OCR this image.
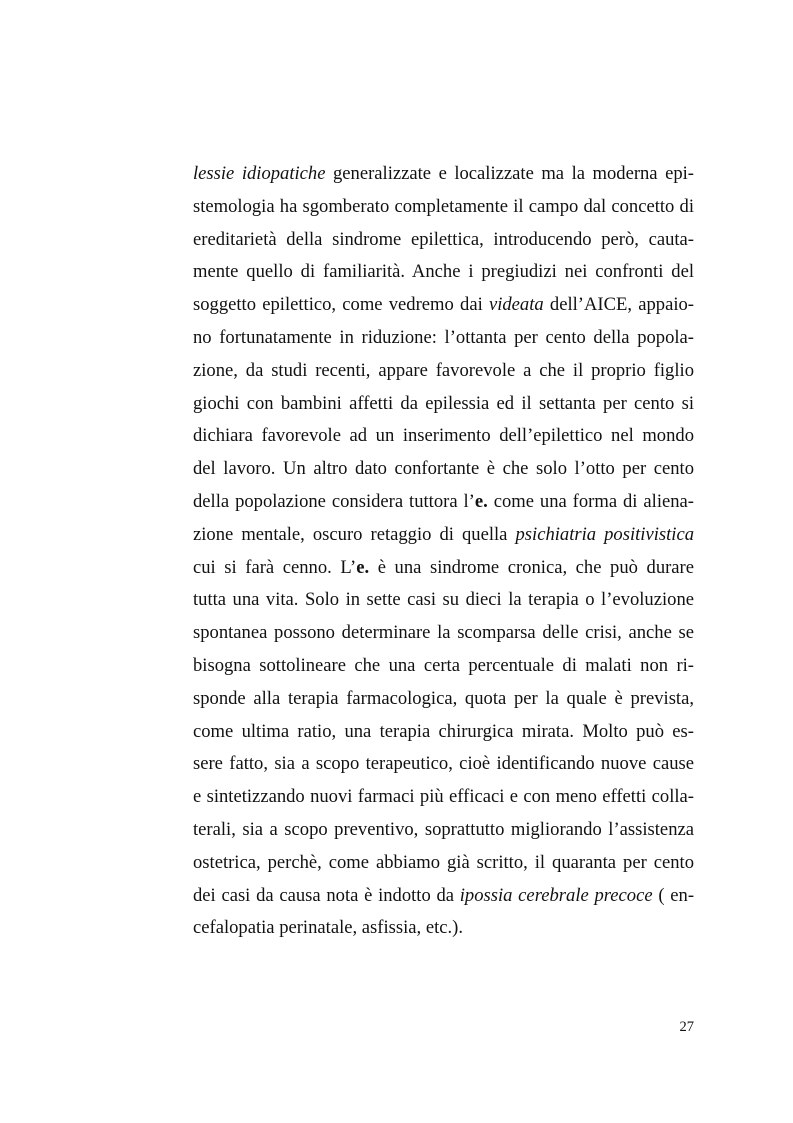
lessie idiopatiche generalizzate e localizzate ma la moderna epi-
stemologia ha sgomberato completamente il campo dal concetto di
ereditarietà della sindrome epilettica, introducendo però, cauta-
mente quello di familiarità. Anche i pregiudizi nei confronti del
soggetto epilettico, come vedremo dai videata dell’AICE, appaio-
no fortunatamente in riduzione: l’ottanta per cento della popola-
zione, da studi recenti, appare favorevole a che il proprio figlio
giochi con bambini affetti da epilessia ed il settanta per cento si
dichiara favorevole ad un inserimento dell’epilettico nel mondo
del lavoro. Un altro dato confortante è che solo l’otto per cento
della popolazione considera tuttora l’e. come una forma di aliena-
zione mentale, oscuro retaggio di quella psichiatria positivistica
cui si farà cenno. L’e. è una sindrome cronica, che può durare
tutta una vita. Solo in sette casi su dieci la terapia o l’evoluzione
spontanea possono determinare la scomparsa delle crisi, anche se
bisogna sottolineare che una certa percentuale di malati non ri-
sponde alla terapia farmacologica, quota per la quale è prevista,
come ultima ratio, una terapia chirurgica mirata. Molto può es-
sere fatto, sia a scopo terapeutico, cioè identificando nuove cause
e sintetizzando nuovi farmaci più efficaci e con meno effetti colla-
terali, sia a scopo preventivo, soprattutto migliorando l’assistenza
ostetrica, perchè, come abbiamo già scritto, il quaranta per cento
dei casi da causa nota è indotto da ipossia cerebrale precoce ( en-
cefalopatia perinatale, asfissia, etc.).
27
